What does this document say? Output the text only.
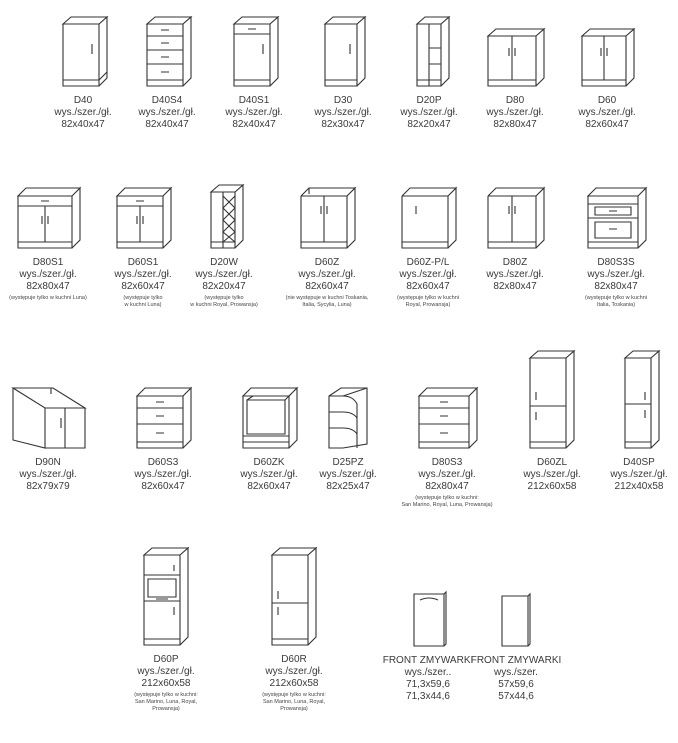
D40
wys./szer./gł.
82x40x47
D40S4
wys./szer./gł.
82x40x47
D40S1
wys./szer./gł.
82x40x47
D30
wys./szer./gł.
82x30x47
D20P
wys./szer./gł.
82x20x47
D80
wys./szer./gł.
82x80x47
D60
wys./szer./gł.
82x60x47
D80S1
wys./szer./gł.
82x80x47
(występuje tylko w kuchni Luna)
D60S1
wys./szer./gł.
82x60x47
(występuje tylko
w kuchni Luna)
D20W
wys./szer./gł.
82x20x47
(występuje tylko
w kuchni Royal, Prowansja)
D60Z
wys./szer./gł.
82x60x47
(nie występuje w kuchni Toskania,
Italia, Sycylia, Luna)
D60Z-P/L
wys./szer./gł.
82x60x47
(występuje tylko w kuchni
Royal, Prowansja)
D80Z
wys./szer./gł.
82x80x47
D80S3S
wys./szer./gł.
82x80x47
(występuje tylko w kuchni
Italia, Toskania)
D90N
wys./szer./gł.
82x79x79
D60S3
wys./szer./gł.
82x60x47
D60ZK
wys./szer./gł.
82x60x47
D25PZ
wys./szer./gł.
82x25x47
D80S3
wys./szer./gł.
82x80x47
(występuje tylko w kuchni:
San Marino, Royal, Luna, Prowansja)
D60ZL
wys./szer./gł.
212x60x58
D40SP
wys./szer./gł.
212x40x58
D60P
wys./szer./gł.
212x60x58
(występuje tylko w kuchni:
San Marino, Luna, Royal,
Prowansja)
D60R
wys./szer./gł.
212x60x58
(występuje tylko w kuchni:
San Marino, Luna, Royal,
Prowansja)
FRONT ZMYWARKI
wys./szer..
71,3x59,6
71,3x44,6
FRONT ZMYWARKI
wys./szer.
57x59,6
57x44,6
